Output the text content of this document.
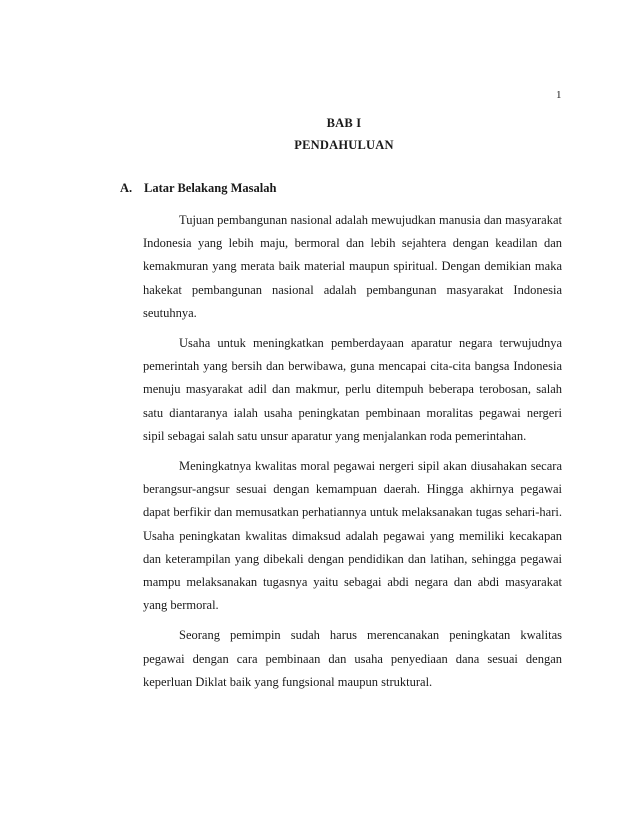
1
BAB I
PENDAHULUAN
A. Latar Belakang Masalah

Tujuan pembangunan nasional adalah mewujudkan manusia dan masyarakat Indonesia yang lebih maju, bermoral dan lebih sejahtera dengan keadilan dan kemakmuran yang merata baik material maupun spiritual. Dengan demikian maka hakekat pembangunan nasional adalah pembangunan masyarakat Indonesia seutuhnya.

Usaha untuk meningkatkan pemberdayaan aparatur negara terwujudnya pemerintah yang bersih dan berwibawa, guna mencapai cita-cita bangsa Indonesia menuju masyarakat adil dan makmur, perlu ditempuh beberapa terobosan, salah satu diantaranya ialah usaha peningkatan pembinaan moralitas pegawai nergeri sipil sebagai salah satu unsur aparatur yang menjalankan roda pemerintahan.

Meningkatnya kwalitas moral pegawai nergeri sipil akan diusahakan secara berangsur-angsur sesuai dengan kemampuan daerah. Hingga akhirnya pegawai dapat berfikir dan memusatkan perhatiannya untuk melaksanakan tugas sehari-hari. Usaha peningkatan kwalitas dimaksud adalah pegawai yang memiliki kecakapan dan keterampilan yang dibekali dengan pendidikan dan latihan, sehingga pegawai mampu melaksanakan tugasnya yaitu sebagai abdi negara dan abdi masyarakat yang bermoral.

Seorang pemimpin sudah harus merencanakan peningkatan kwalitas pegawai dengan cara pembinaan dan usaha penyediaan dana sesuai dengan keperluan Diklat baik yang fungsional maupun struktural.
